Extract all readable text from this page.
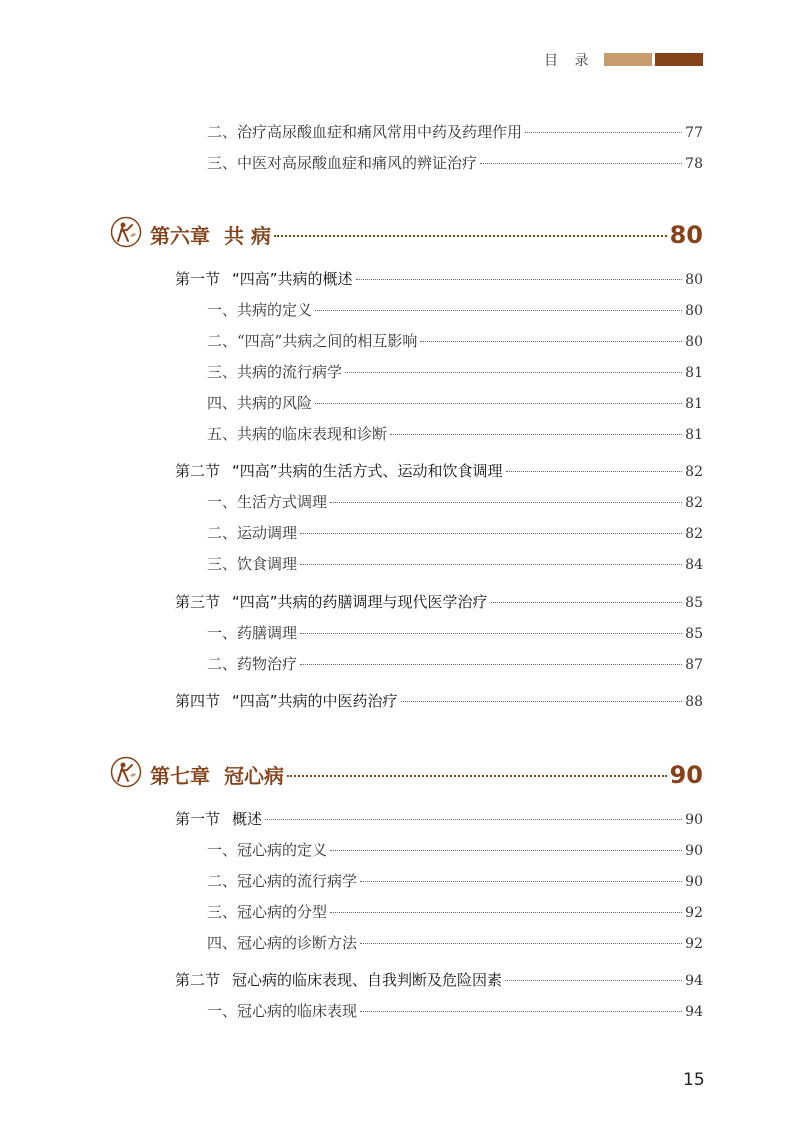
目 录
二、治疗高尿酸血症和痛风常用中药及药理作用	77
三、中医对高尿酸血症和痛风的辨证治疗	78
第六章 共 病	80
第一节 “四高”共病的概述	80
一、共病的定义	80
二、“四高”共病之间的相互影响	80
三、共病的流行病学	81
四、共病的风险	81
五、共病的临床表现和诊断	81
第二节 “四高”共病的生活方式、运动和饮食调理	82
一、生活方式调理	82
二、运动调理	82
三、饮食调理	84
第三节 “四高”共病的药膳调理与现代医学治疗	85
一、药膳调理	85
二、药物治疗	87
第四节 “四高”共病的中医药治疗	88
第七章 冠心病	90
第一节 概述	90
一、冠心病的定义	90
二、冠心病的流行病学	90
三、冠心病的分型	92
四、冠心病的诊断方法	92
第二节 冠心病的临床表现、自我判断及危险因素	94
一、冠心病的临床表现	94
15
